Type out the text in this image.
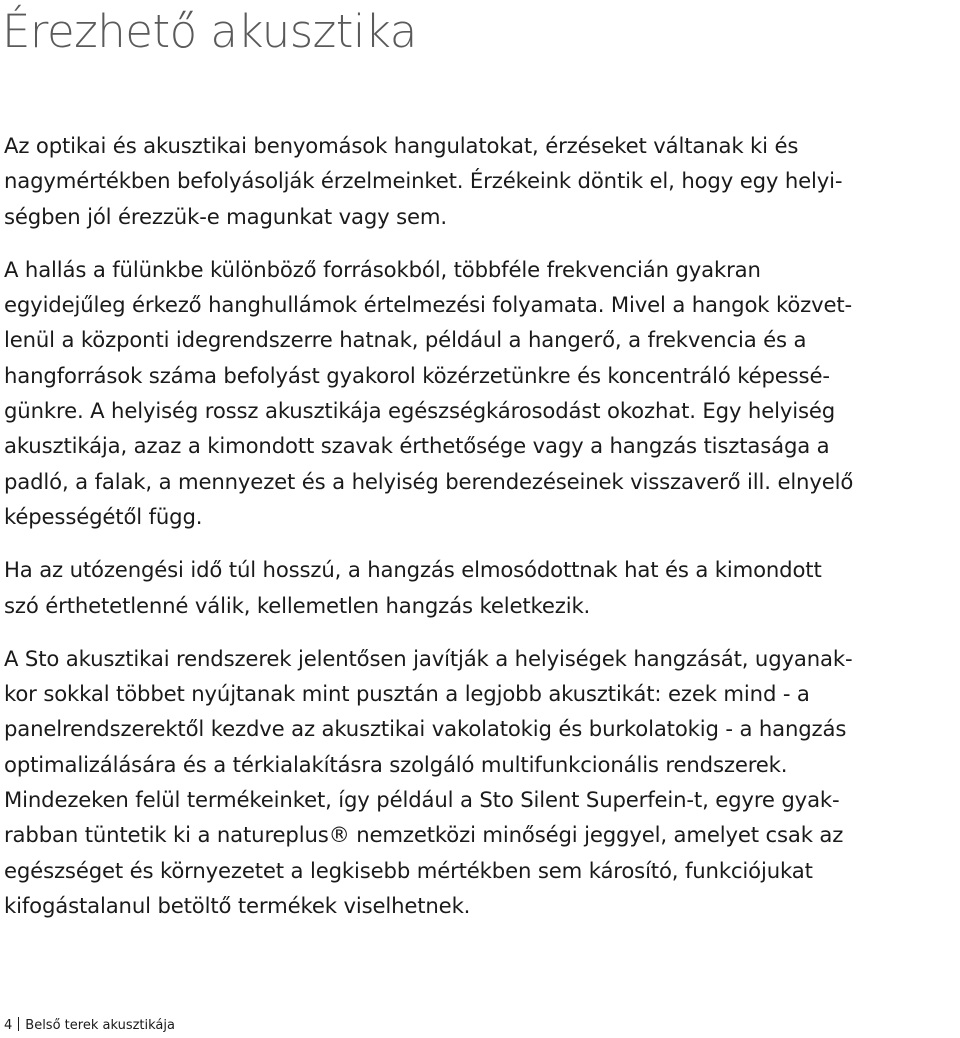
Érezhető akusztika

Az optikai és akusztikai benyomások hangulatokat, érzéseket váltanak ki és
nagymértékben befolyásolják érzelmeinket. Érzékeink döntik el, hogy egy helyi-
ségben jól érezzük-e magunkat vagy sem.

A hallás a fülünkbe különböző forrásokból, többféle frekvencián gyakran
egyidejűleg érkező hanghullámok értelmezési folyamata. Mivel a hangok közvet-
lenül a központi idegrendszerre hatnak, például a hangerő, a frekvencia és a
hangforrások száma befolyást gyakorol közérzetünkre és koncentráló képessé-
günkre. A helyiség rossz akusztikája egészségkárosodást okozhat. Egy helyiség
akusztikája, azaz a kimondott szavak érthetősége vagy a hangzás tisztasága a
padló, a falak, a mennyezet és a helyiség berendezéseinek visszaverő ill. elnyelő
képességétől függ.

Ha az utózengési idő túl hosszú, a hangzás elmosódottnak hat és a kimondott
szó érthetetlenné válik, kellemetlen hangzás keletkezik.

A Sto akusztikai rendszerek jelentősen javítják a helyiségek hangzását, ugyanak-
kor sokkal többet nyújtanak mint pusztán a legjobb akusztikát: ezek mind - a
panelrendszerektől kezdve az akusztikai vakolatokig és burkolatokig - a hangzás
optimalizálására és a térkialakításra szolgáló multifunkcionális rendszerek.
Mindezeken felül termékeinket, így például a Sto Silent Superfein-t, egyre gyak-
rabban tüntetik ki a natureplus® nemzetközi minőségi jeggyel, amelyet csak az
egészséget és környezetet a legkisebb mértékben sem károsító, funkciójukat
kifogástalanul betöltő termékek viselhetnek.

4 Belső terek akusztikája
